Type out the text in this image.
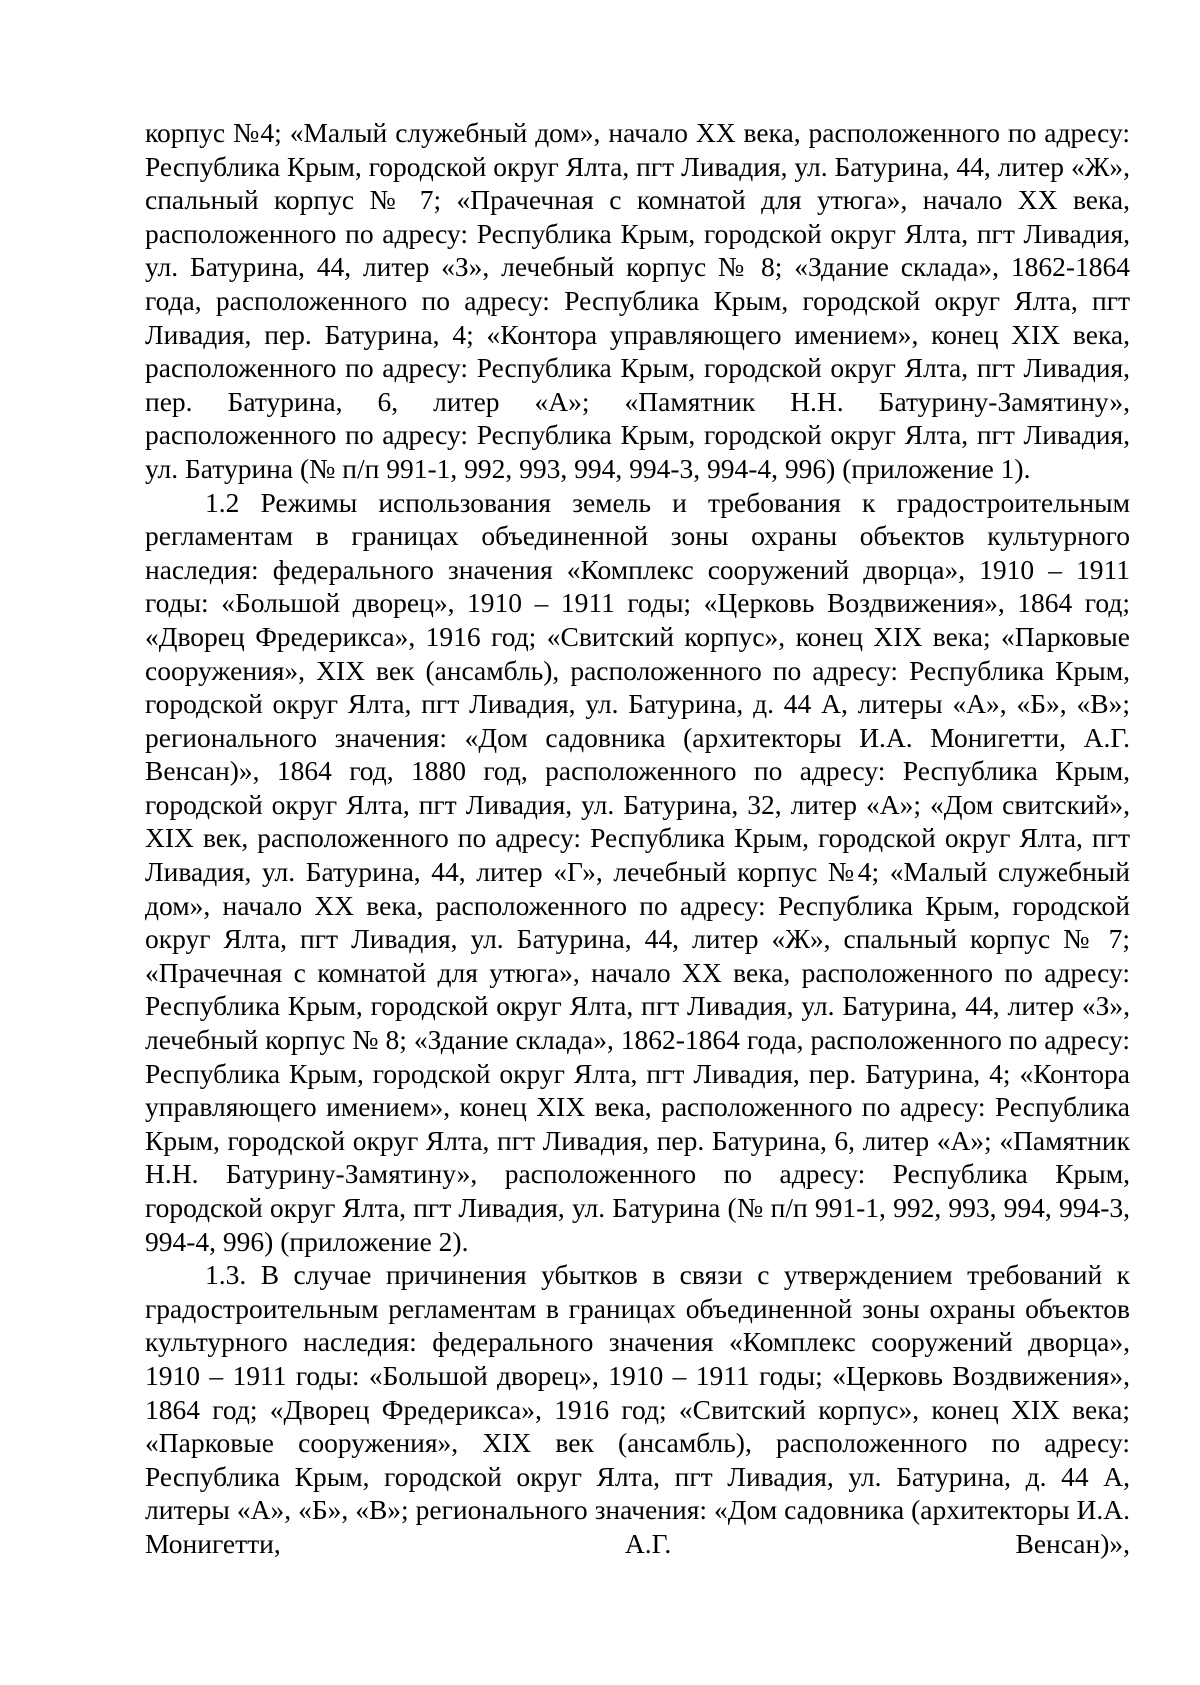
корпус №4; «Малый служебный дом», начало XX века, расположенного по адресу: Республика Крым, городской округ Ялта, пгт Ливадия, ул. Батурина, 44, литер «Ж», спальный корпус № 7; «Прачечная с комнатой для утюга», начало XX века, расположенного по адресу: Республика Крым, городской округ Ялта, пгт Ливадия, ул. Батурина, 44, литер «З», лечебный корпус № 8; «Здание склада», 1862-1864 года, расположенного по адресу: Республика Крым, городской округ Ялта, пгт Ливадия, пер. Батурина, 4; «Контора управляющего имением», конец XIX века, расположенного по адресу: Республика Крым, городской округ Ялта, пгт Ливадия, пер. Батурина, 6, литер «А»; «Памятник Н.Н. Батурину-Замятину», расположенного по адресу: Республика Крым, городской округ Ялта, пгт Ливадия, ул. Батурина (№ п/п 991-1, 992, 993, 994, 994-3, 994-4, 996) (приложение 1).

1.2 Режимы использования земель и требования к градостроительным регламентам в границах объединенной зоны охраны объектов культурного наследия: федерального значения «Комплекс сооружений дворца», 1910 – 1911 годы: «Большой дворец», 1910 – 1911 годы; «Церковь Воздвижения», 1864 год; «Дворец Фредерикса», 1916 год; «Свитский корпус», конец XIX века; «Парковые сооружения», XIX век (ансамбль), расположенного по адресу: Республика Крым, городской округ Ялта, пгт Ливадия, ул. Батурина, д. 44 А, литеры «А», «Б», «В»; регионального значения: «Дом садовника (архитекторы И.А. Монигетти, А.Г. Венсан)», 1864 год, 1880 год, расположенного по адресу: Республика Крым, городской округ Ялта, пгт Ливадия, ул. Батурина, 32, литер «А»; «Дом свитский», XIX век, расположенного по адресу: Республика Крым, городской округ Ялта, пгт Ливадия, ул. Батурина, 44, литер «Г», лечебный корпус №4; «Малый служебный дом», начало XX века, расположенного по адресу: Республика Крым, городской округ Ялта, пгт Ливадия, ул. Батурина, 44, литер «Ж», спальный корпус № 7; «Прачечная с комнатой для утюга», начало XX века, расположенного по адресу: Республика Крым, городской округ Ялта, пгт Ливадия, ул. Батурина, 44, литер «З», лечебный корпус № 8; «Здание склада», 1862-1864 года, расположенного по адресу: Республика Крым, городской округ Ялта, пгт Ливадия, пер. Батурина, 4; «Контора управляющего имением», конец XIX века, расположенного по адресу: Республика Крым, городской округ Ялта, пгт Ливадия, пер. Батурина, 6, литер «А»; «Памятник Н.Н. Батурину-Замятину», расположенного по адресу: Республика Крым, городской округ Ялта, пгт Ливадия, ул. Батурина (№ п/п 991-1, 992, 993, 994, 994-3, 994-4, 996) (приложение 2).

1.3. В случае причинения убытков в связи с утверждением требований к градостроительным регламентам в границах объединенной зоны охраны объектов культурного наследия: федерального значения «Комплекс сооружений дворца», 1910 – 1911 годы: «Большой дворец», 1910 – 1911 годы; «Церковь Воздвижения», 1864 год; «Дворец Фредерикса», 1916 год; «Свитский корпус», конец XIX века; «Парковые сооружения», XIX век (ансамбль), расположенного по адресу: Республика Крым, городской округ Ялта, пгт Ливадия, ул. Батурина, д. 44 А, литеры «А», «Б», «В»; регионального значения: «Дом садовника (архитекторы И.А. Монигетти, А.Г. Венсан)»,
